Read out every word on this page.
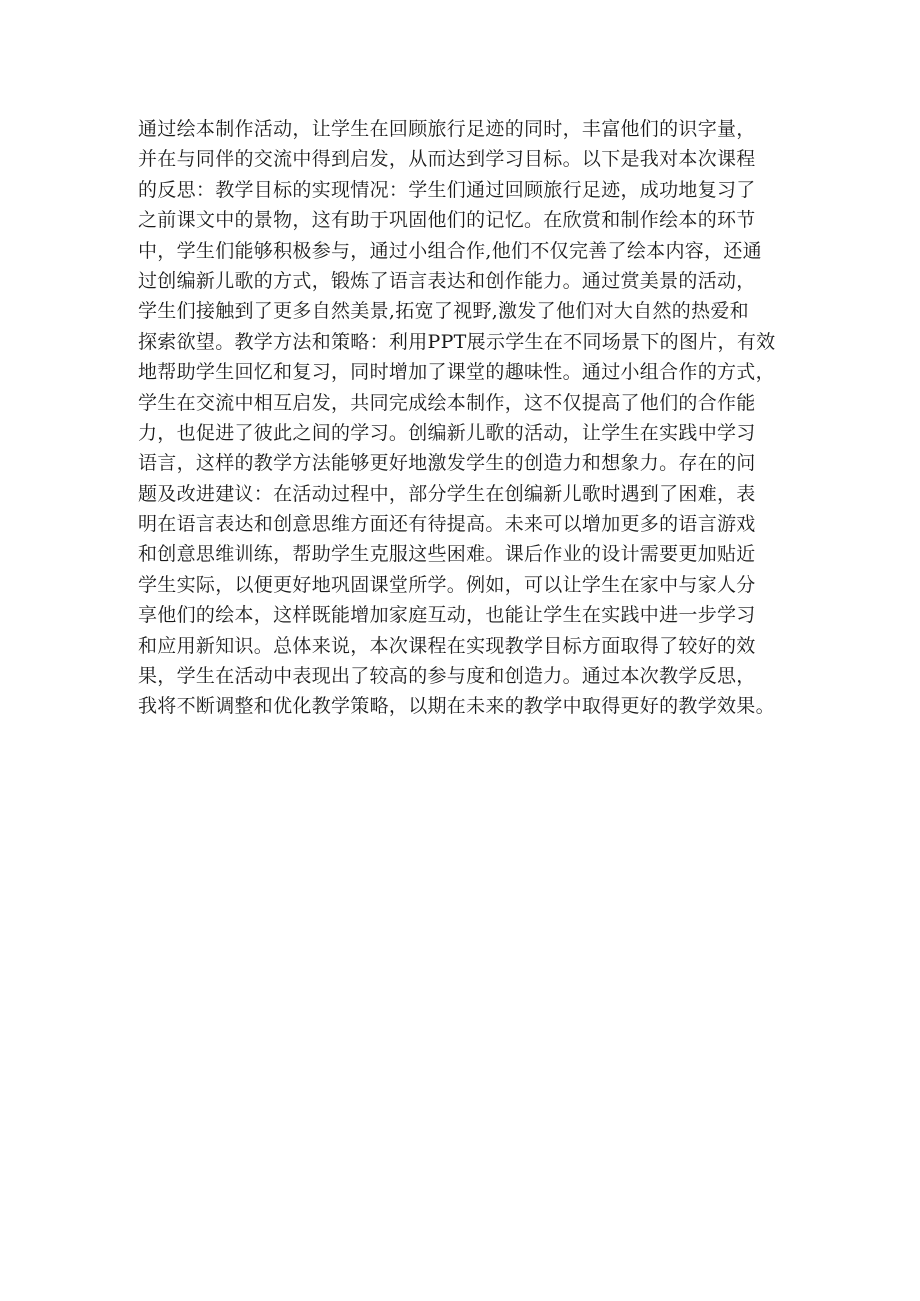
通过绘本制作活动，让学生在回顾旅行足迹的同时，丰富他们的识字量，
并在与同伴的交流中得到启发，从而达到学习目标。以下是我对本次课程
的反思：教学目标的实现情况：学生们通过回顾旅行足迹，成功地复习了
之前课文中的景物，这有助于巩固他们的记忆。在欣赏和制作绘本的环节
中，学生们能够积极参与，通过小组合作,他们不仅完善了绘本内容，还通
过创编新儿歌的方式，锻炼了语言表达和创作能力。通过赏美景的活动，
学生们接触到了更多自然美景,拓宽了视野,激发了他们对大自然的热爱和
探索欲望。教学方法和策略：利用PPT展示学生在不同场景下的图片，有效
地帮助学生回忆和复习，同时增加了课堂的趣味性。通过小组合作的方式，
学生在交流中相互启发，共同完成绘本制作，这不仅提高了他们的合作能
力，也促进了彼此之间的学习。创编新儿歌的活动，让学生在实践中学习
语言，这样的教学方法能够更好地激发学生的创造力和想象力。存在的问
题及改进建议：在活动过程中，部分学生在创编新儿歌时遇到了困难，表
明在语言表达和创意思维方面还有待提高。未来可以增加更多的语言游戏
和创意思维训练，帮助学生克服这些困难。课后作业的设计需要更加贴近
学生实际，以便更好地巩固课堂所学。例如，可以让学生在家中与家人分
享他们的绘本，这样既能增加家庭互动，也能让学生在实践中进一步学习
和应用新知识。总体来说，本次课程在实现教学目标方面取得了较好的效
果，学生在活动中表现出了较高的参与度和创造力。通过本次教学反思，
我将不断调整和优化教学策略，以期在未来的教学中取得更好的教学效果。
